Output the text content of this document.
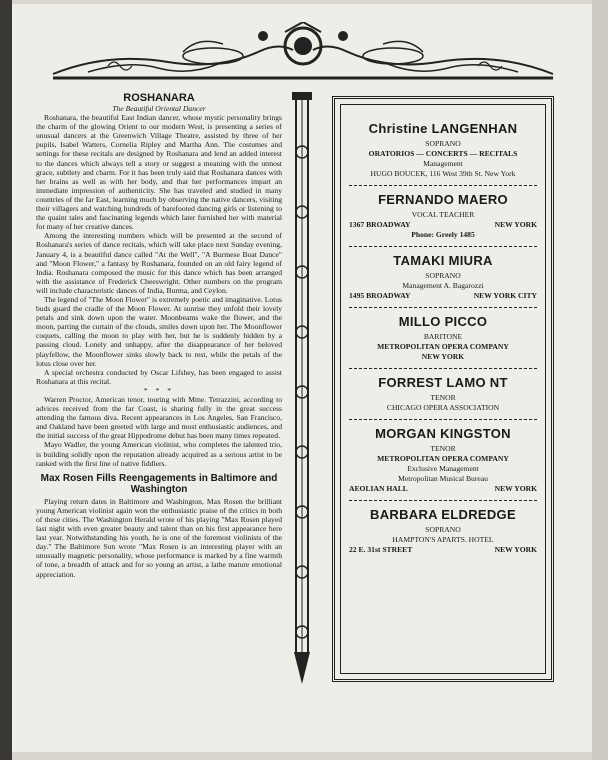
ROSHANARA

The Beautiful Oriental Dancer

Roshanara, the beautiful East Indian dancer, whose mystic personality brings the charm of the glowing Orient to our modern West, is presenting a series of unusual dancers at the Greenwich Village Theatre, assisted by three of her pupils, Isabel Watters, Cornelia Ripley and Martha Ann. The costumes and settings for these recitals are designed by Roshanara and lend an added interest to the dances which always tell a story or suggest a meaning with the utmost grace, subtlety and charm. For it has been truly said that Roshanara dances with her brains as well as with her body, and that her performances impart an immediate impression of authenticity. She has traveled and studied in many countries of the far East, learning much by observing the native dancers, visiting their villagers and watching hundreds of barefooted dancing girls or listening to the quaint tales and fascinating legends which later furnished her with material for many of her creative dances.

Among the interesting numbers which will be presented at the second of Roshanara's series of dance recitals, which will take place next Sunday evening, January 4, is a beautiful dance called "At the Well", "A Burmese Boat Dance" and "Moon Flower," a fantasy by Roshanara, founded on an old fairy legend of India. Roshanara composed the music for this dance which has been arranged with the assistance of Frederick Cheeswright. Other numbers on the program will include characteristic dances of India, Burma, and Ceylon.

The legend of "The Moon Flower" is extremely poetic and imaginative. Lotus buds guard the cradle of the Moon Flower. At sunrise they unfold their lovely petals and sink down upon the water. Moonbeams wake the flower, and the moon, parting the curtain of the clouds, smiles down upon her. The Moonflower coquets, calling the moon to play with her, but he is suddenly hidden by a passing cloud. Lonely and unhappy, after the disappearance of her beloved playfellow, the Moonflower sinks slowly back to rest, while the petals of the lotus close over her.

A special orchestra conducted by Oscar Lifshey, has been engaged to assist Roshanara at this recital.

* * *

Warren Proctor, American tenor, touring with Mme. Tetrazzini, according to advices received from the far Coast, is sharing fully in the great success attending the famous diva. Recent appearances in Los Angeles, San Francisco, and Oakland have been greeted with large and most enthusiastic audiences, and the initial success of the great Hippodrome debut has been many times repeated.

Mayo Wadler, the young American violinist, who completes the talented trio, is building solidly upon the reputation already acquired as a serious artist to be ranked with the first line of native fiddlers.

Max Rosen Fills Reengagements in Baltimore and Washington

Playing return dates in Baltimore and Washington, Max Rosen the brilliant young American violinist again won the enthusiastic praise of the critics in both of these cities. The Washington Herald wrote of his playing "Max Rosen played last night with even greater beauty and talent than on his first appearance here last year. Notwithstanding his youth, he is one of the foremost violinists of the day." The Baltimore Sun wrote "Max Rosen is an interesting player with an unusually magnetic personality, whose performance is marked by a fine warmth of tone, a breadth of attack and for so young an artist, a lathe mature emotional appreciation.

Christine LANGENHAN
SOPRANO
ORATORIOS — CONCERTS — RECITALS
Management
HUGO BOUCEK, 116 West 39th St. New York
FERNANDO MAERO
VOCAL TEACHER
1367 BROADWAY	NEW YORK
Phone: Greely 1485
TAMAKI MIURA
SOPRANO
Management A. Bagarozzi
1495 BROADWAY	NEW YORK CITY
MILLO PICCO
BARITONE
METROPOLITAN OPERA COMPANY
NEW YORK
FORREST LAMO NT
TENOR
CHICAGO OPERA ASSOCIATION
MORGAN KINGSTON
TENOR
METROPOLITAN OPERA COMPANY
Exclusive Management
Metropolitan Musical Bureau
AEOLIAN HALL	NEW YORK
BARBARA ELDREDGE
SOPRANO
HAMPTON'S APARTS. HOTEL
22 E. 31st STREET	NEW YORK
